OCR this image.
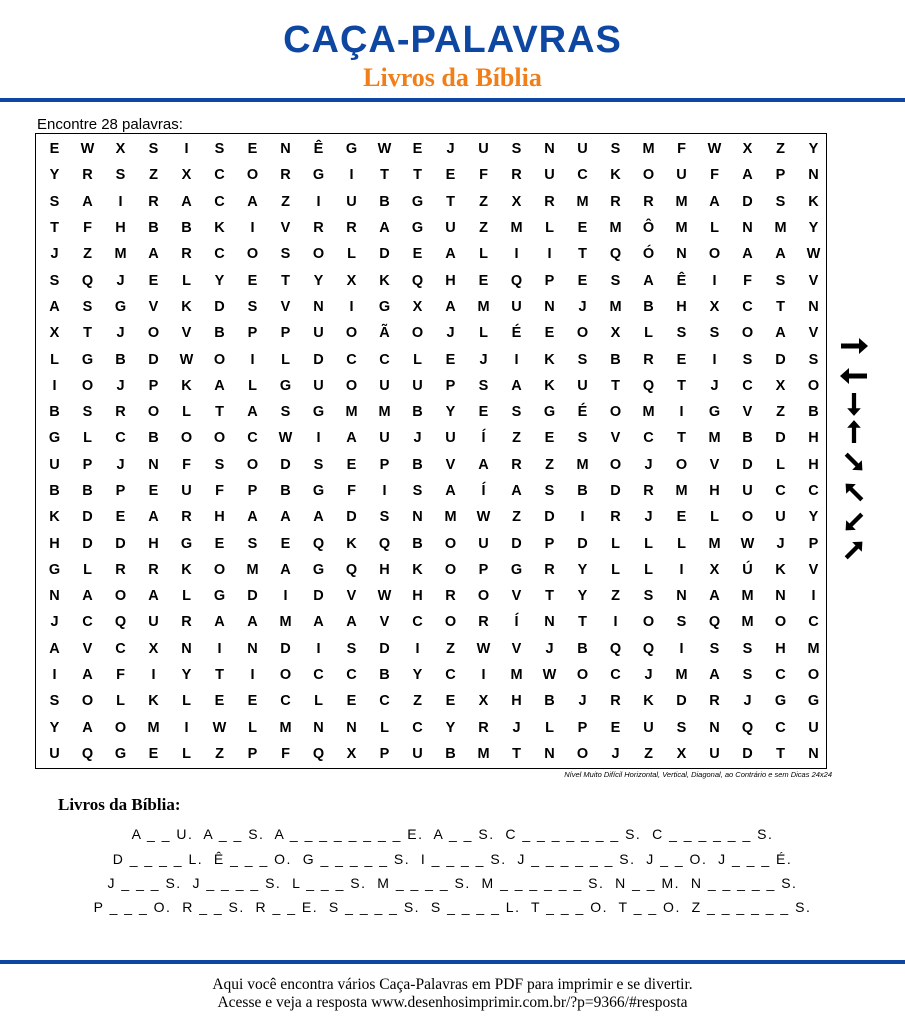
CAÇA-PALAVRAS
Livros da Bíblia
Encontre 28 palavras:
E	W	X	S	I	S	E	N	Ê	G	W	E	J	U	S	N	U	S	M	F	W	X	Z	Y
Y	R	S	Z	X	C	O	R	G	I	T	T	E	F	R	U	C	K	O	U	F	A	P	N
S	A	I	R	A	C	A	Z	I	U	B	G	T	Z	X	R	M	R	R	M	A	D	S	K
T	F	H	B	B	K	I	V	R	R	A	G	U	Z	M	L	E	M	Ô	M	L	N	M	Y
J	Z	M	A	R	C	O	S	O	L	D	E	A	L	I	I	T	Q	Ó	N	O	A	A	W
S	Q	J	E	L	Y	E	T	Y	X	K	Q	H	E	Q	P	E	S	A	Ê	I	F	S	V
A	S	G	V	K	D	S	V	N	I	G	X	A	M	U	N	J	M	B	H	X	C	T	N
X	T	J	O	V	B	P	P	U	O	Ã	O	J	L	É	E	O	X	L	S	S	O	A	V
L	G	B	D	W	O	I	L	D	C	C	L	E	J	I	K	S	B	R	E	I	S	D	S
I	O	J	P	K	A	L	G	U	O	U	U	P	S	A	K	U	T	Q	T	J	C	X	O
B	S	R	O	L	T	A	S	G	M	M	B	Y	E	S	G	É	O	M	I	G	V	Z	B
G	L	C	B	O	O	C	W	I	A	U	J	U	Í	Z	E	S	V	C	T	M	B	D	H
U	P	J	N	F	S	O	D	S	E	P	B	V	A	R	Z	M	O	J	O	V	D	L	H
B	B	P	E	U	F	P	B	G	F	I	S	A	Í	A	S	B	D	R	M	H	U	C	C
K	D	E	A	R	H	A	A	A	D	S	N	M	W	Z	D	I	R	J	E	L	O	U	Y
H	D	D	H	G	E	S	E	Q	K	Q	B	O	U	D	P	D	L	L	L	M	W	J	P
G	L	R	R	K	O	M	A	G	Q	H	K	O	P	G	R	Y	L	L	I	X	Ú	K	V
N	A	O	A	L	G	D	I	D	V	W	H	R	O	V	T	Y	Z	S	N	A	M	N	I
J	C	Q	U	R	A	A	M	A	A	V	C	O	R	Í	N	T	I	O	S	Q	M	O	C
A	V	C	X	N	I	N	D	I	S	D	I	Z	W	V	J	B	Q	Q	I	S	S	H	M
I	A	F	I	Y	T	I	O	C	C	B	Y	C	I	M	W	O	C	J	M	A	S	C	O
S	O	L	K	L	E	E	C	L	E	C	Z	E	X	H	B	J	R	K	D	R	J	G	G
Y	A	O	M	I	W	L	M	N	N	L	C	Y	R	J	L	P	E	U	S	N	Q	C	U
U	Q	G	E	L	Z	P	F	Q	X	P	U	B	M	T	N	O	J	Z	X	U	D	T	N
Nível Muito Difícil Horizontal, Vertical, Diagonal, ao Contrário e sem Dicas 24x24
Livros da Bíblia:
A _ _ U.  A _ _ S.  A _ _ _ _ _ _ _ _ E.  A _ _ S.  C _ _ _ _ _ _ _ S.  C _ _ _ _ _ _ S.
D _ _ _ _ L.  Ê _ _ _ O.  G _ _ _ _ _ S.  I _ _ _ _ S.  J _ _ _ _ _ _ S.  J _ _ O.  J _ _ _ É.
J _ _ _ S.  J _ _ _ _ S.  L _ _ _ S.  M _ _ _ _ S.  M _ _ _ _ _ _ S.  N _ _ M.  N _ _ _ _ _ S.
P _ _ _ O.  R _ _ S.  R _ _ E.  S _ _ _ _ S.  S _ _ _ _ L.  T _ _ _ O.  T _ _ O.  Z _ _ _ _ _ _ S.
Aqui você encontra vários Caça-Palavras em PDF para imprimir e se divertir.
Acesse e veja a resposta www.desenhosimprimir.com.br/?p=9366/#resposta
